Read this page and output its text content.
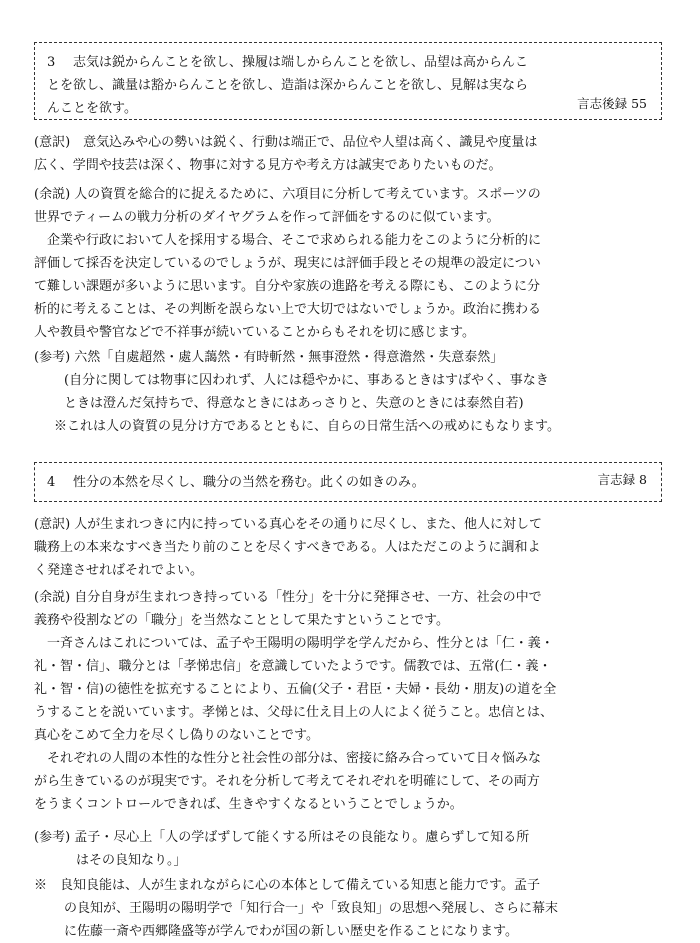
3 志気は鋭からんことを欲し、操履は端しからんことを欲し、品望は高からんこ
とを欲し、識量は豁からんことを欲し、造詣は深からんことを欲し、見解は実なら
んことを欲す。	言志後録 55
(意訳)　意気込みや心の勢いは鋭く、行動は端正で、品位や人望は高く、識見や度量は
広く、学問や技芸は深く、物事に対する見方や考え方は誠実でありたいものだ。
(余説) 人の資質を総合的に捉えるために、六項目に分析して考えています。スポーツの
世界でティームの戦力分析のダイヤグラムを作って評価をするのに似ています。
　企業や行政において人を採用する場合、そこで求められる能力をこのように分析的に
評価して採否を決定しているのでしょうが、現実には評価手段とその規準の設定につい
て難しい課題が多いように思います。自分や家族の進路を考える際にも、このように分
析的に考えることは、その判断を誤らない上で大切ではないでしょうか。政治に携わる
人や教員や警官などで不祥事が続いていることからもそれを切に感じます。
(参考) 六然「自處超然・處人藹然・有時斬然・無事澄然・得意澹然・失意泰然」
(自分に関しては物事に囚われず、人には穏やかに、事あるときはすばやく、事なき
ときは澄んだ気持ちで、得意なときにはあっさりと、失意のときには泰然自若)
※これは人の資質の見分け方であるとともに、自らの日常生活への戒めにもなります。
4 性分の本然を尽くし、職分の当然を務む。此くの如きのみ。	言志録 8
(意訳) 人が生まれつきに内に持っている真心をその通りに尽くし、また、他人に対して
職務上の本来なすべき当たり前のことを尽くすべきである。人はただこのように調和よ
く発達させればそれでよい。
(余説) 自分自身が生まれつき持っている「性分」を十分に発揮させ、一方、社会の中で
義務や役割などの「職分」を当然なこととして果たすということです。
　一斉さんはこれについては、孟子や王陽明の陽明学を学んだから、性分とは「仁・義・
礼・智・信」、職分とは「孝悌忠信」を意識していたようです。儒教では、五常(仁・義・
礼・智・信)の徳性を拡充することにより、五倫(父子・君臣・夫婦・長幼・朋友)の道を全
うすることを説いています。孝悌とは、父母に仕え目上の人によく従うこと。忠信とは、
真心をこめて全力を尽くし偽りのないことです。
　それぞれの人間の本性的な性分と社会性の部分は、密接に絡み合っていて日々悩みな
がら生きているのが現実です。それを分析して考えてそれぞれを明確にして、その両方
をうまくコントロールできれば、生きやすくなるということでしょうか。
(参考) 孟子・尽心上「人の学ばずして能くする所はその良能なり。慮らずして知る所
はその良知なり。」
※　良知良能は、人が生まれながらに心の本体として備えている知恵と能力です。孟子
の良知が、王陽明の陽明学で「知行合一」や「致良知」の思想へ発展し、さらに幕末
に佐藤一斎や西郷隆盛等が学んでわが国の新しい歴史を作ることになります。
